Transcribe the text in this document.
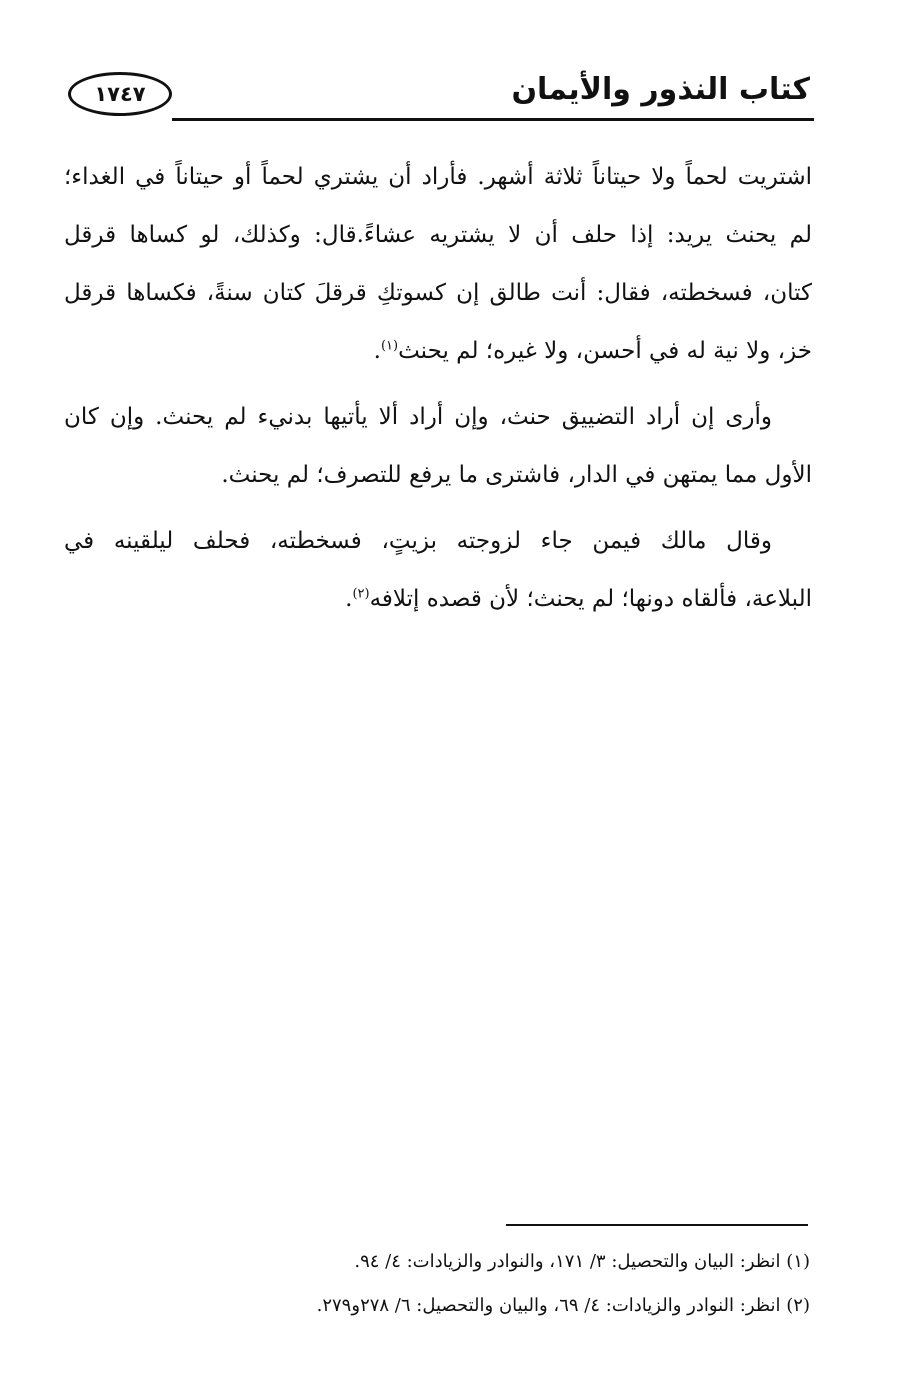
١٧٤٧	كتاب النذور والأيمان
اشتريت لحماً ولا حيتاناً ثلاثة أشهر. فأراد أن يشتري لحماً أو حيتاناً في الغداء؛
لم يحنث يريد: إذا حلف أن لا يشتريه عشاءً.قال: وكذلك، لو كساها قرقل
كتان، فسخطته، فقال: أنت طالق إن كسوتكِ قرقلَ كتان سنةً، فكساها قرقل
خز، ولا نية له في أحسن، ولا غيره؛ لم يحنث$^{(١)}$.
وأرى إن أراد التضييق حنث، وإن أراد ألا يأتيها بدنيء لم يحنث. وإن كان
الأول مما يمتهن في الدار، فاشترى ما يرفع للتصرف؛ لم يحنث.
وقال مالك فيمن جاء لزوجته بزيتٍ، فسخطته، فحلف ليلقينه في
البلاعة، فألقاه دونها؛ لم يحنث؛ لأن قصده إتلافه$^{(٢)}$.
(١) انظر: البيان والتحصيل: ٣/ ١٧١، والنوادر والزيادات: ٤/ ٩٤.
(٢) انظر: النوادر والزيادات: ٤/ ٦٩، والبيان والتحصيل: ٦/ ٢٧٨و٢٧٩.
